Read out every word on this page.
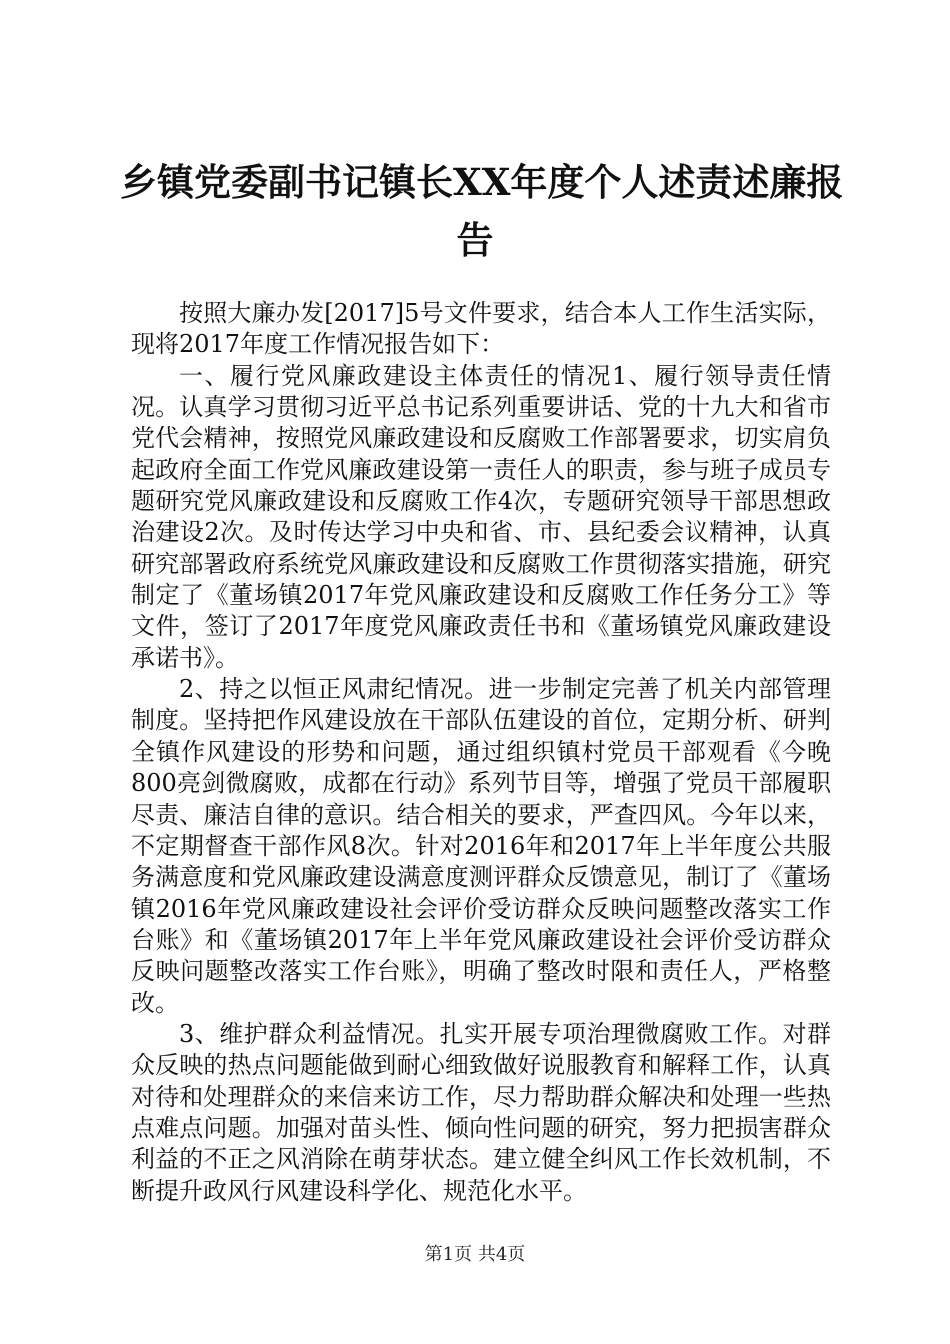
乡镇党委副书记镇长XX年度个人述责述廉报
告

按照大廉办发[2017]5号文件要求，结合本人工作生活实际，现将2017年度工作情况报告如下：

一、履行党风廉政建设主体责任的情况1、履行领导责任情况。认真学习贯彻习近平总书记系列重要讲话、党的十九大和省市党代会精神，按照党风廉政建设和反腐败工作部署要求，切实肩负起政府全面工作党风廉政建设第一责任人的职责，参与班子成员专题研究党风廉政建设和反腐败工作4次，专题研究领导干部思想政治建设2次。及时传达学习中央和省、市、县纪委会议精神，认真研究部署政府系统党风廉政建设和反腐败工作贯彻落实措施，研究制定了《董场镇2017年党风廉政建设和反腐败工作任务分工》等文件，签订了2017年度党风廉政责任书和《董场镇党风廉政建设承诺书》。

2、持之以恒正风肃纪情况。进一步制定完善了机关内部管理制度。坚持把作风建设放在干部队伍建设的首位，定期分析、研判全镇作风建设的形势和问题，通过组织镇村党员干部观看《今晚800亮剑微腐败，成都在行动》系列节目等，增强了党员干部履职尽责、廉洁自律的意识。结合相关的要求，严查四风。今年以来，不定期督查干部作风8次。针对2016年和2017年上半年度公共服务满意度和党风廉政建设满意度测评群众反馈意见，制订了《董场镇2016年党风廉政建设社会评价受访群众反映问题整改落实工作台账》和《董场镇2017年上半年党风廉政建设社会评价受访群众反映问题整改落实工作台账》，明确了整改时限和责任人，严格整改。

3、维护群众利益情况。扎实开展专项治理微腐败工作。对群众反映的热点问题能做到耐心细致做好说服教育和解释工作，认真对待和处理群众的来信来访工作，尽力帮助群众解决和处理一些热点难点问题。加强对苗头性、倾向性问题的研究，努力把损害群众利益的不正之风消除在萌芽状态。建立健全纠风工作长效机制，不断提升政风行风建设科学化、规范化水平。

第1页 共4页
